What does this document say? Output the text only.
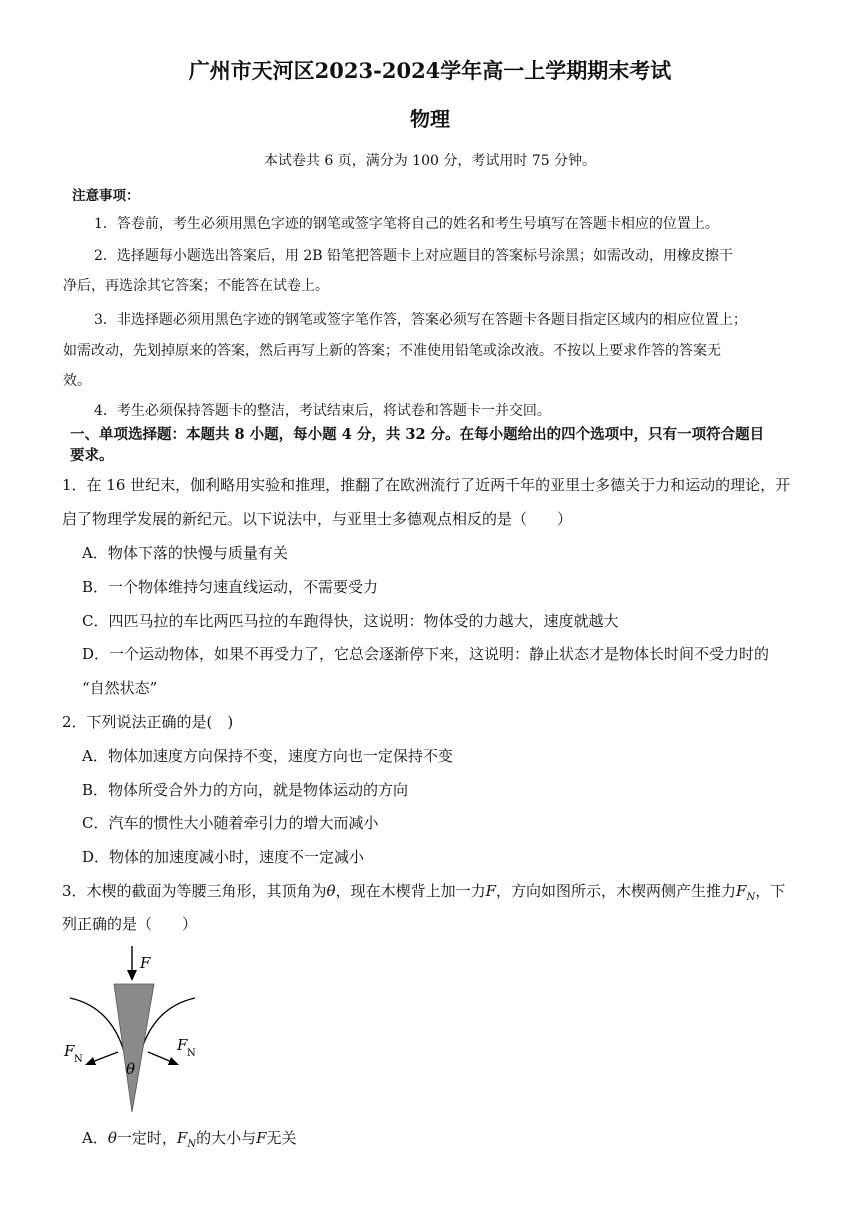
广州市天河区2023-2024学年高一上学期期末考试
物理
本试卷共 6 页，满分为 100 分，考试用时 75 分钟。
注意事项：
1．答卷前，考生必须用黑色字迹的钢笔或签字笔将自己的姓名和考生号填写在答题卡相应的位置上。
2．选择题每小题选出答案后，用 2B 铅笔把答题卡上对应题目的答案标号涂黑；如需改动，用橡皮擦干
净后，再选涂其它答案；不能答在试卷上。
3．非选择题必须用黑色字迹的钢笔或签字笔作答，答案必须写在答题卡各题目指定区域内的相应位置上；
如需改动，先划掉原来的答案，然后再写上新的答案；不准使用铅笔或涂改液。不按以上要求作答的答案无
效。
4．考生必须保持答题卡的整洁，考试结束后，将试卷和答题卡一并交回。
一、单项选择题：本题共 8 小题，每小题 4 分，共 32 分。在每小题给出的四个选项中，只有一项符合题目
要求。
1．在 16 世纪末，伽利略用实验和推理，推翻了在欧洲流行了近两千年的亚里士多德关于力和运动的理论，开
启了物理学发展的新纪元。以下说法中，与亚里士多德观点相反的是（　　）
A．物体下落的快慢与质量有关
B．一个物体维持匀速直线运动，不需要受力
C．四匹马拉的车比两匹马拉的车跑得快，这说明：物体受的力越大，速度就越大
D．一个运动物体，如果不再受力了，它总会逐渐停下来，这说明：静止状态才是物体长时间不受力时的
“自然状态”
2．下列说法正确的是(　)
A．物体加速度方向保持不变，速度方向也一定保持不变
B．物体所受合外力的方向，就是物体运动的方向
C．汽车的惯性大小随着牵引力的增大而减小
D．物体的加速度减小时，速度不一定减小
3．木楔的截面为等腰三角形，其顶角为θ，现在木楔背上加一力F，方向如图所示，木楔两侧产生推力$F_N$，下
列正确的是（　　）
F
F N
F N
θ
A．θ一定时，$F_N$的大小与F无关
